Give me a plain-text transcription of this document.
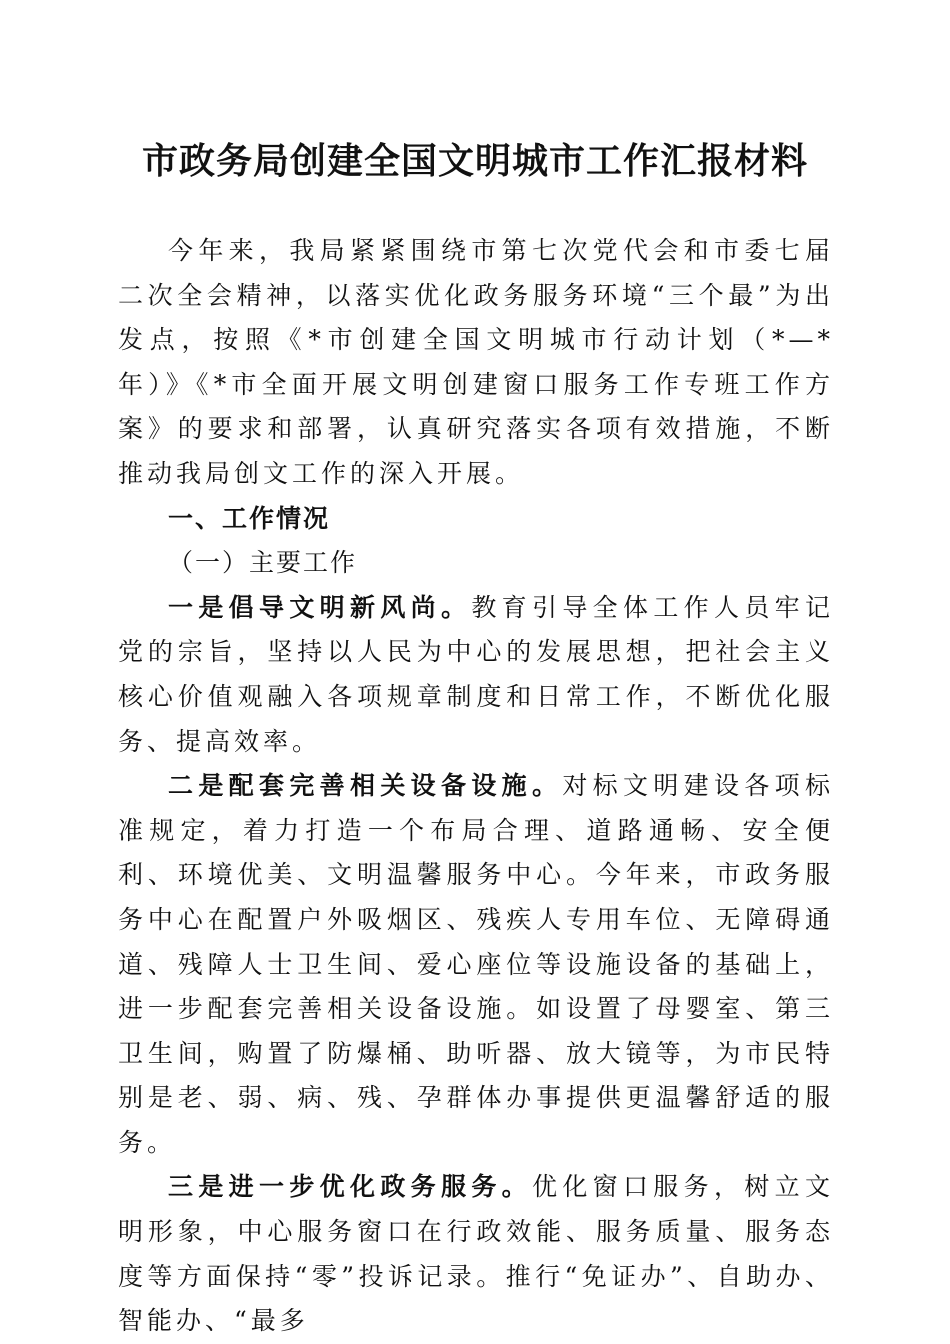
市政务局创建全国文明城市工作汇报材料

今年来，我局紧紧围绕市第七次党代会和市委七届二次全会精神，以落实优化政务服务环境“三个最”为出发点，按照《*市创建全国文明城市行动计划（*—*年）》《*市全面开展文明创建窗口服务工作专班工作方案》的要求和部署，认真研究落实各项有效措施，不断推动我局创文工作的深入开展。

一、工作情况

（一）主要工作

一是倡导文明新风尚。教育引导全体工作人员牢记党的宗旨，坚持以人民为中心的发展思想，把社会主义核心价值观融入各项规章制度和日常工作，不断优化服务、提高效率。

二是配套完善相关设备设施。对标文明建设各项标准规定，着力打造一个布局合理、道路通畅、安全便利、环境优美、文明温馨服务中心。今年来，市政务服务中心在配置户外吸烟区、残疾人专用车位、无障碍通道、残障人士卫生间、爱心座位等设施设备的基础上，进一步配套完善相关设备设施。如设置了母婴室、第三卫生间，购置了防爆桶、助听器、放大镜等，为市民特别是老、弱、病、残、孕群体办事提供更温馨舒适的服务。

三是进一步优化政务服务。优化窗口服务，树立文明形象，中心服务窗口在行政效能、服务质量、服务态度等方面保持“零”投诉记录。推行“免证办”、自助办、智能办、“最多
